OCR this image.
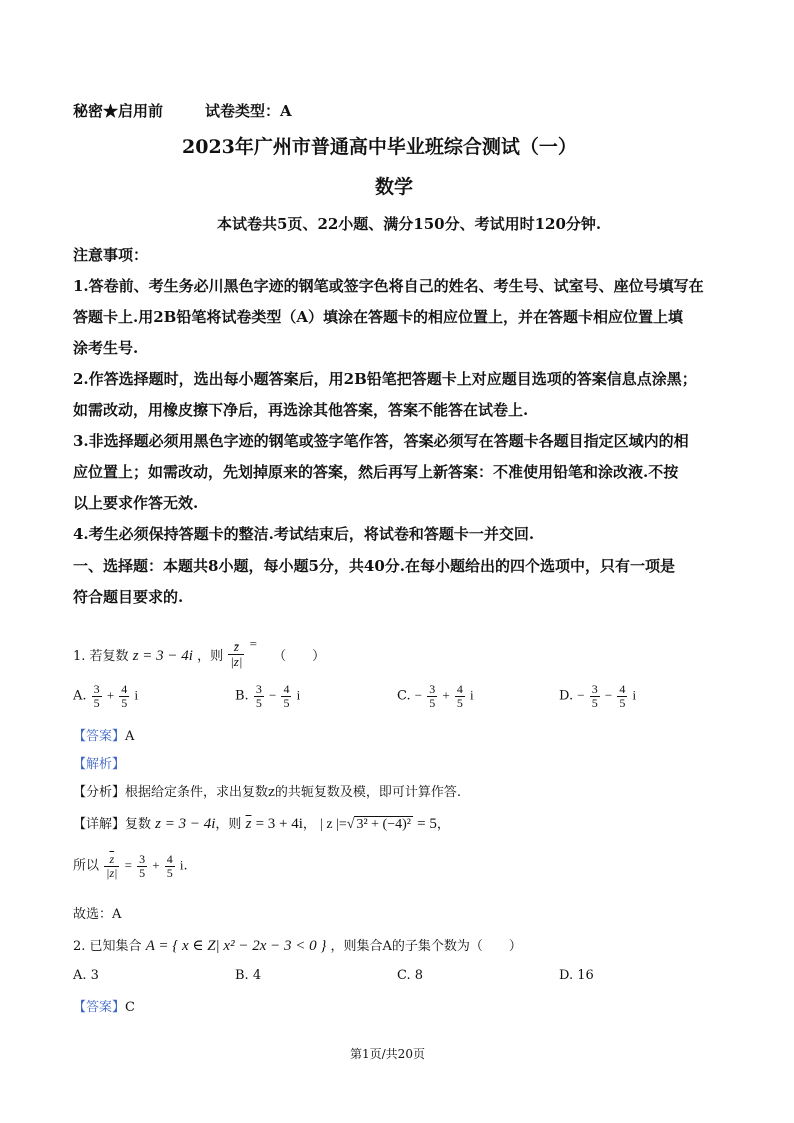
秘密★启用前	试卷类型：A
2023年广州市普通高中毕业班综合测试（一）
数学
本试卷共5页、22小题、满分150分、考试用时120分钟.
注意事项：
1.答卷前、考生务必川黑色字迹的钢笔或签字色将自己的姓名、考生号、试室号、座位号填写在
答题卡上.用2B铅笔将试卷类型（A）填涂在答题卡的相应位置上，并在答题卡相应位置上填
涂考生号.
2.作答选择题时，选出每小题答案后，用2B铅笔把答题卡上对应题目选项的答案信息点涂黑；
如需改动，用橡皮擦下净后，再选涂其他答案，答案不能答在试卷上.
3.非选择题必须用黑色字迹的钢笔或签字笔作答，答案必须写在答题卡各题目指定区域内的相
应位置上；如需改动，先划掉原来的答案，然后再写上新答案：不准使用铅笔和涂改液.不按
以上要求作答无效.
4.考生必须保持答题卡的整洁.考试结束后，将试卷和答题卡一并交回.
一、选择题：本题共8小题，每小题5分，共40分.在每小题给出的四个选项中，只有一项是
符合题目要求的.
1. 若复数 z = 3 − 4i ，则 $\frac{z̄}{|z|}$ = （　　）
A. $\frac{3}{5} + \frac{4}{5}$ i	B. $\frac{3}{5} - \frac{4}{5}$ i	C. − $\frac{3}{5} + \frac{4}{5}$ i	D. − $\frac{3}{5} - \frac{4}{5}$ i
【答案】A
【解析】
【分析】根据给定条件，求出复数z的共轭复数及模，即可计算作答.
【详解】复数 z = 3 − 4i，则 $\overline{z} = 3 + 4i$， | z |=√ 3² + (−4)² = 5，
所以 $\frac{\overline{z}}{|z|} = \frac{3}{5} + \frac{4}{5} i$.
故选：A
2. 已知集合 A = { x ∈ Z| x² − 2x − 3 < 0 } ，则集合A的子集个数为（　　）
A. 3	B. 4	C. 8	D. 16
【答案】C
第1页/共20页
